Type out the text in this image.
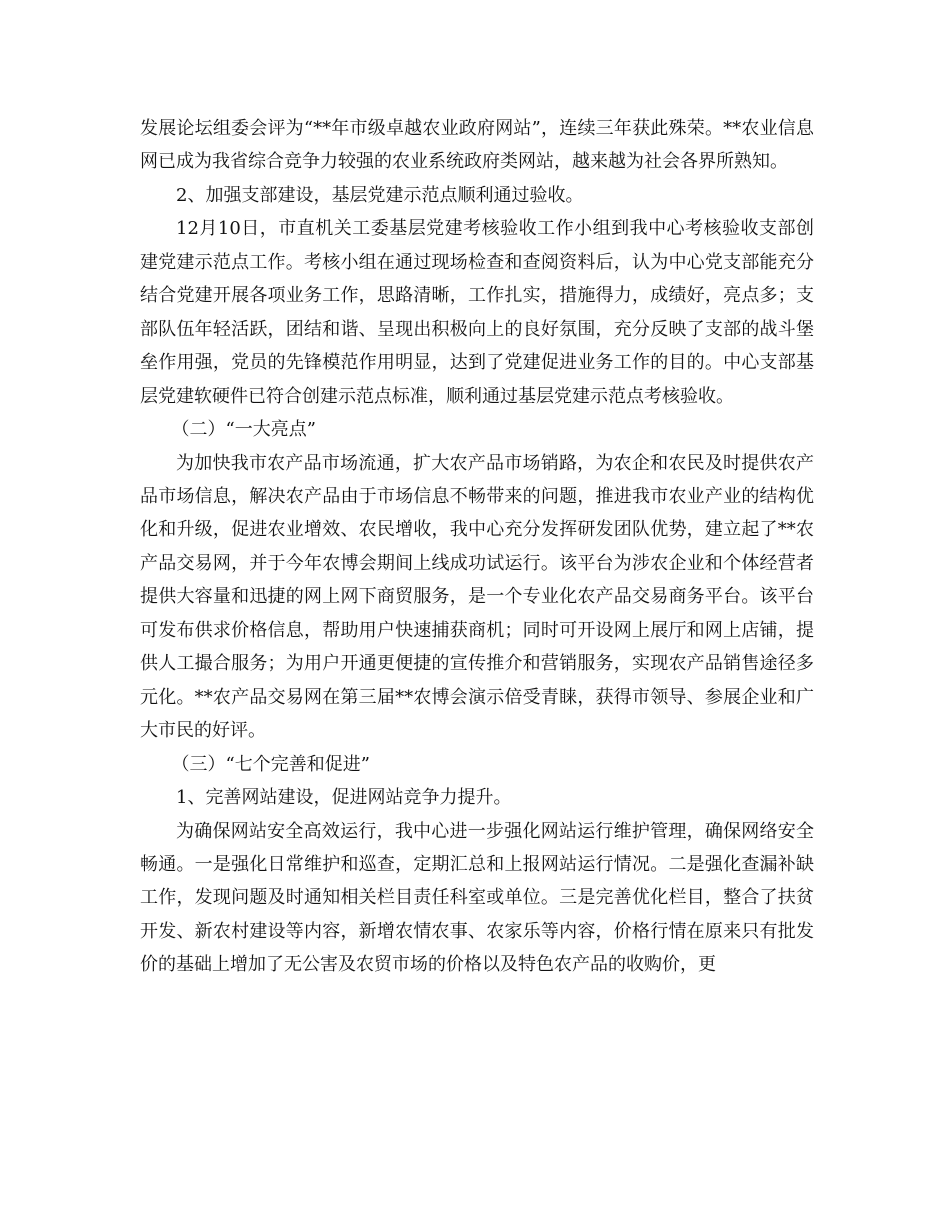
发展论坛组委会评为“**年市级卓越农业政府网站”，连续三年获此殊荣。**农业信息网已成为我省综合竞争力较强的农业系统政府类网站，越来越为社会各界所熟知。

2、加强支部建设，基层党建示范点顺利通过验收。

12月10日，市直机关工委基层党建考核验收工作小组到我中心考核验收支部创建党建示范点工作。考核小组在通过现场检查和查阅资料后，认为中心党支部能充分结合党建开展各项业务工作，思路清晰，工作扎实，措施得力，成绩好，亮点多；支部队伍年轻活跃，团结和谐、呈现出积极向上的良好氛围，充分反映了支部的战斗堡垒作用强，党员的先锋模范作用明显，达到了党建促进业务工作的目的。中心支部基层党建软硬件已符合创建示范点标准，顺利通过基层党建示范点考核验收。

（二）“一大亮点”

为加快我市农产品市场流通，扩大农产品市场销路，为农企和农民及时提供农产品市场信息，解决农产品由于市场信息不畅带来的问题，推进我市农业产业的结构优化和升级，促进农业增效、农民增收，我中心充分发挥研发团队优势，建立起了**农产品交易网，并于今年农博会期间上线成功试运行。该平台为涉农企业和个体经营者提供大容量和迅捷的网上网下商贸服务，是一个专业化农产品交易商务平台。该平台可发布供求价格信息，帮助用户快速捕获商机；同时可开设网上展厅和网上店铺，提供人工撮合服务；为用户开通更便捷的宣传推介和营销服务，实现农产品销售途径多元化。**农产品交易网在第三届**农博会演示倍受青睐，获得市领导、参展企业和广大市民的好评。

（三）“七个完善和促进”

1、完善网站建设，促进网站竞争力提升。

为确保网站安全高效运行，我中心进一步强化网站运行维护管理，确保网络安全畅通。一是强化日常维护和巡查，定期汇总和上报网站运行情况。二是强化查漏补缺工作，发现问题及时通知相关栏目责任科室或单位。三是完善优化栏目，整合了扶贫开发、新农村建设等内容，新增农情农事、农家乐等内容，价格行情在原来只有批发价的基础上增加了无公害及农贸市场的价格以及特色农产品的收购价，更
